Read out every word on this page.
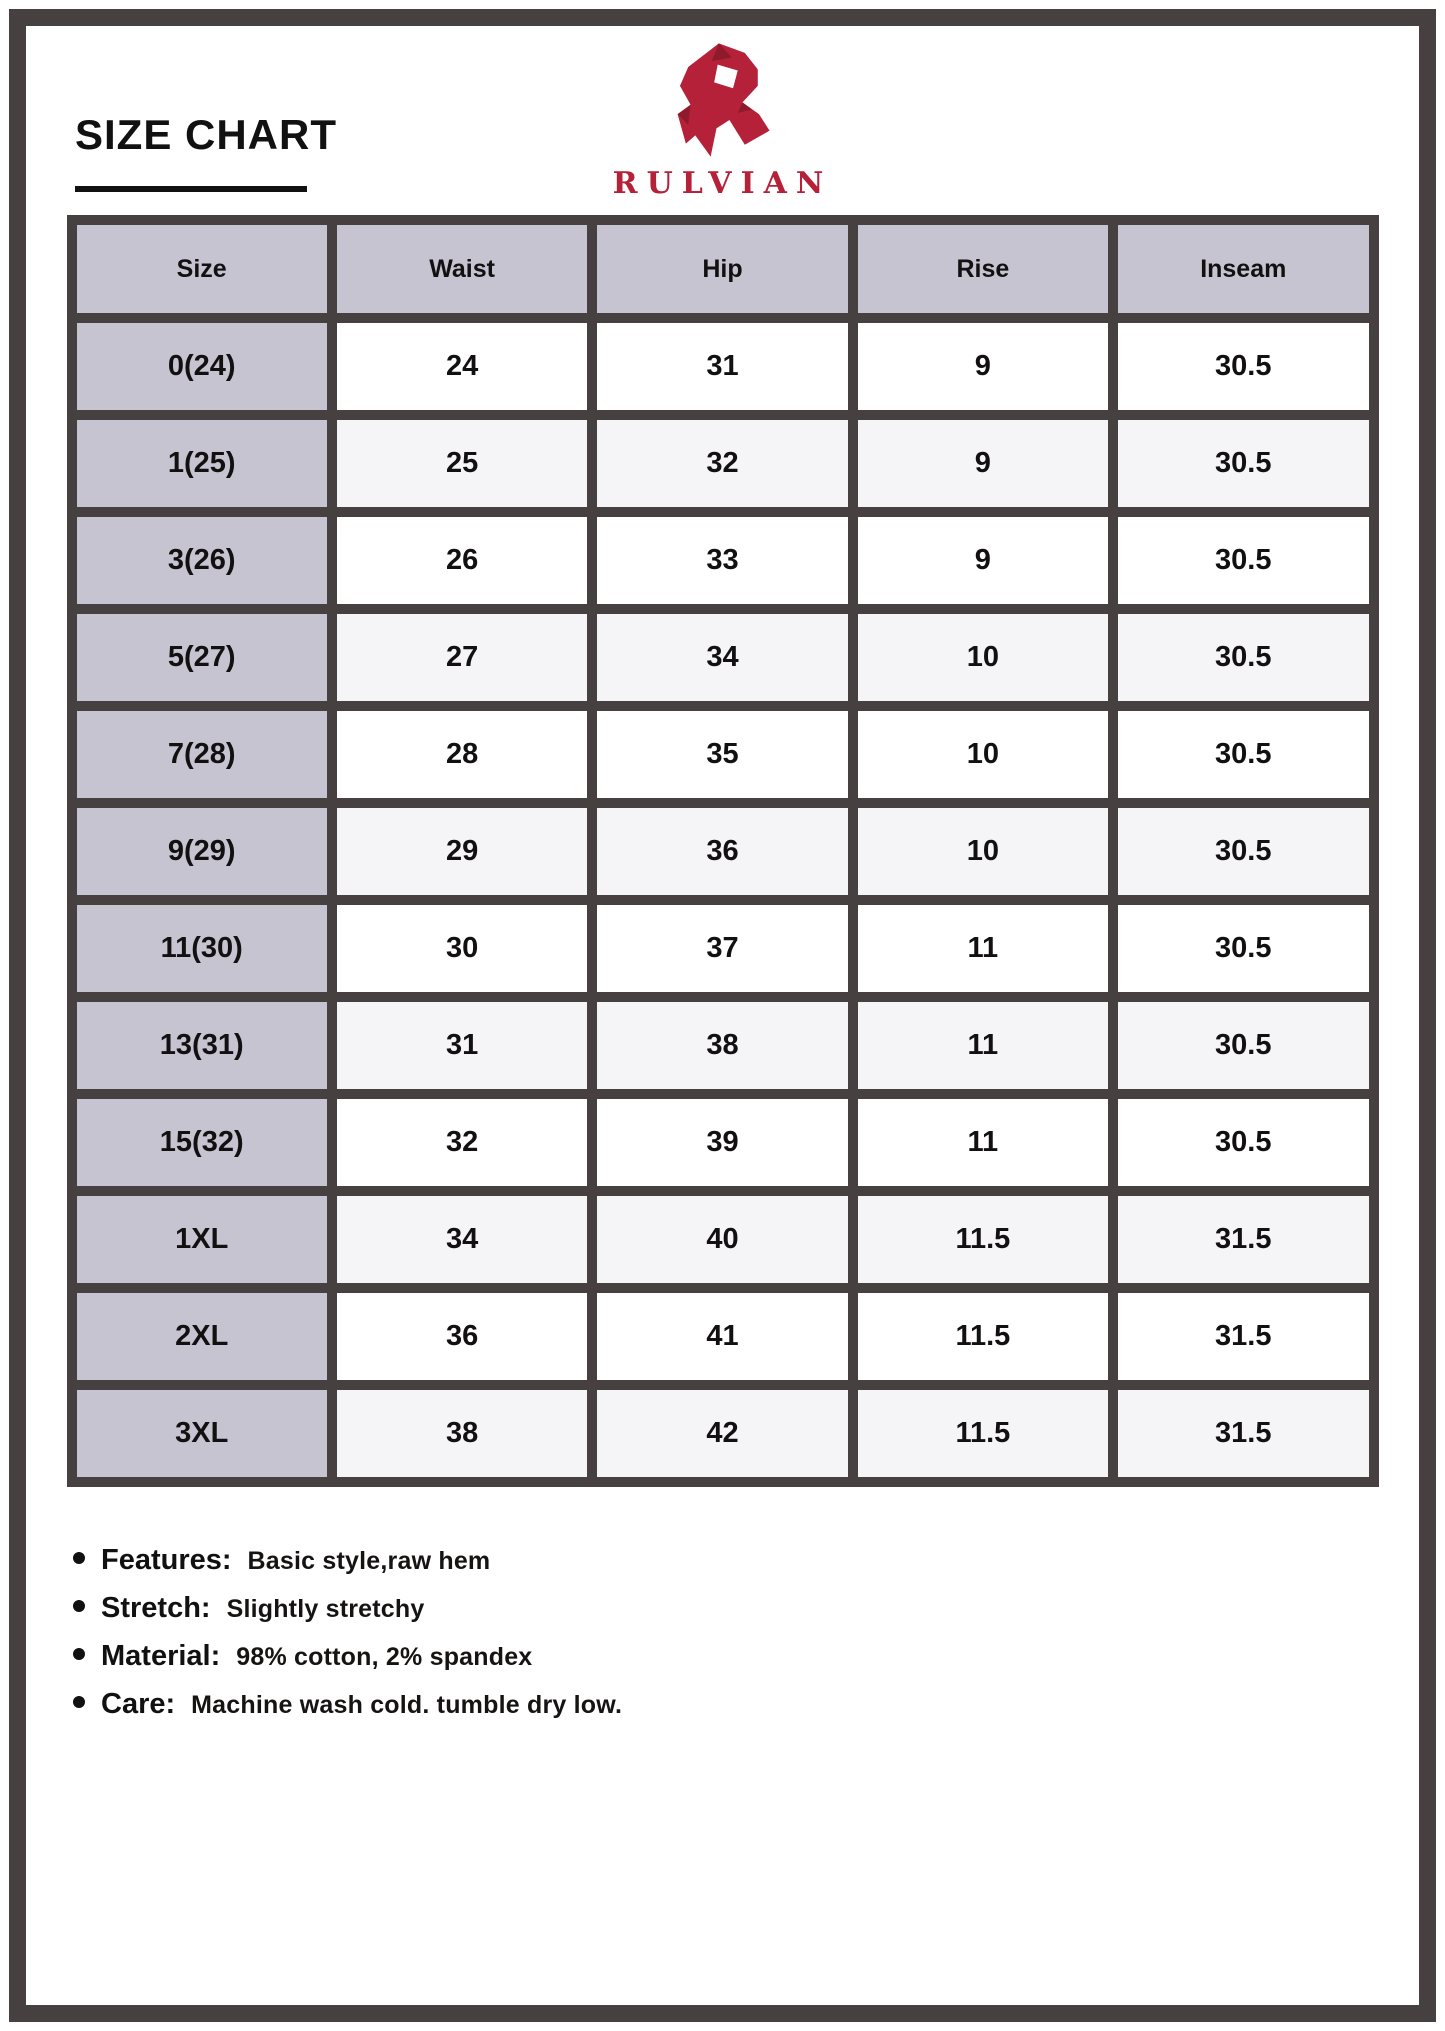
SIZE CHART
RULVIAN
Size	Waist	Hip	Rise	Inseam
0(24)	24	31	9	30.5
1(25)	25	32	9	30.5
3(26)	26	33	9	30.5
5(27)	27	34	10	30.5
7(28)	28	35	10	30.5
9(29)	29	36	10	30.5
11(30)	30	37	11	30.5
13(31)	31	38	11	30.5
15(32)	32	39	11	30.5
1XL	34	40	11.5	31.5
2XL	36	41	11.5	31.5
3XL	38	42	11.5	31.5
Features: Basic style,raw hem
Stretch: Slightly stretchy
Material: 98% cotton, 2% spandex
Care: Machine wash cold. tumble dry low.
